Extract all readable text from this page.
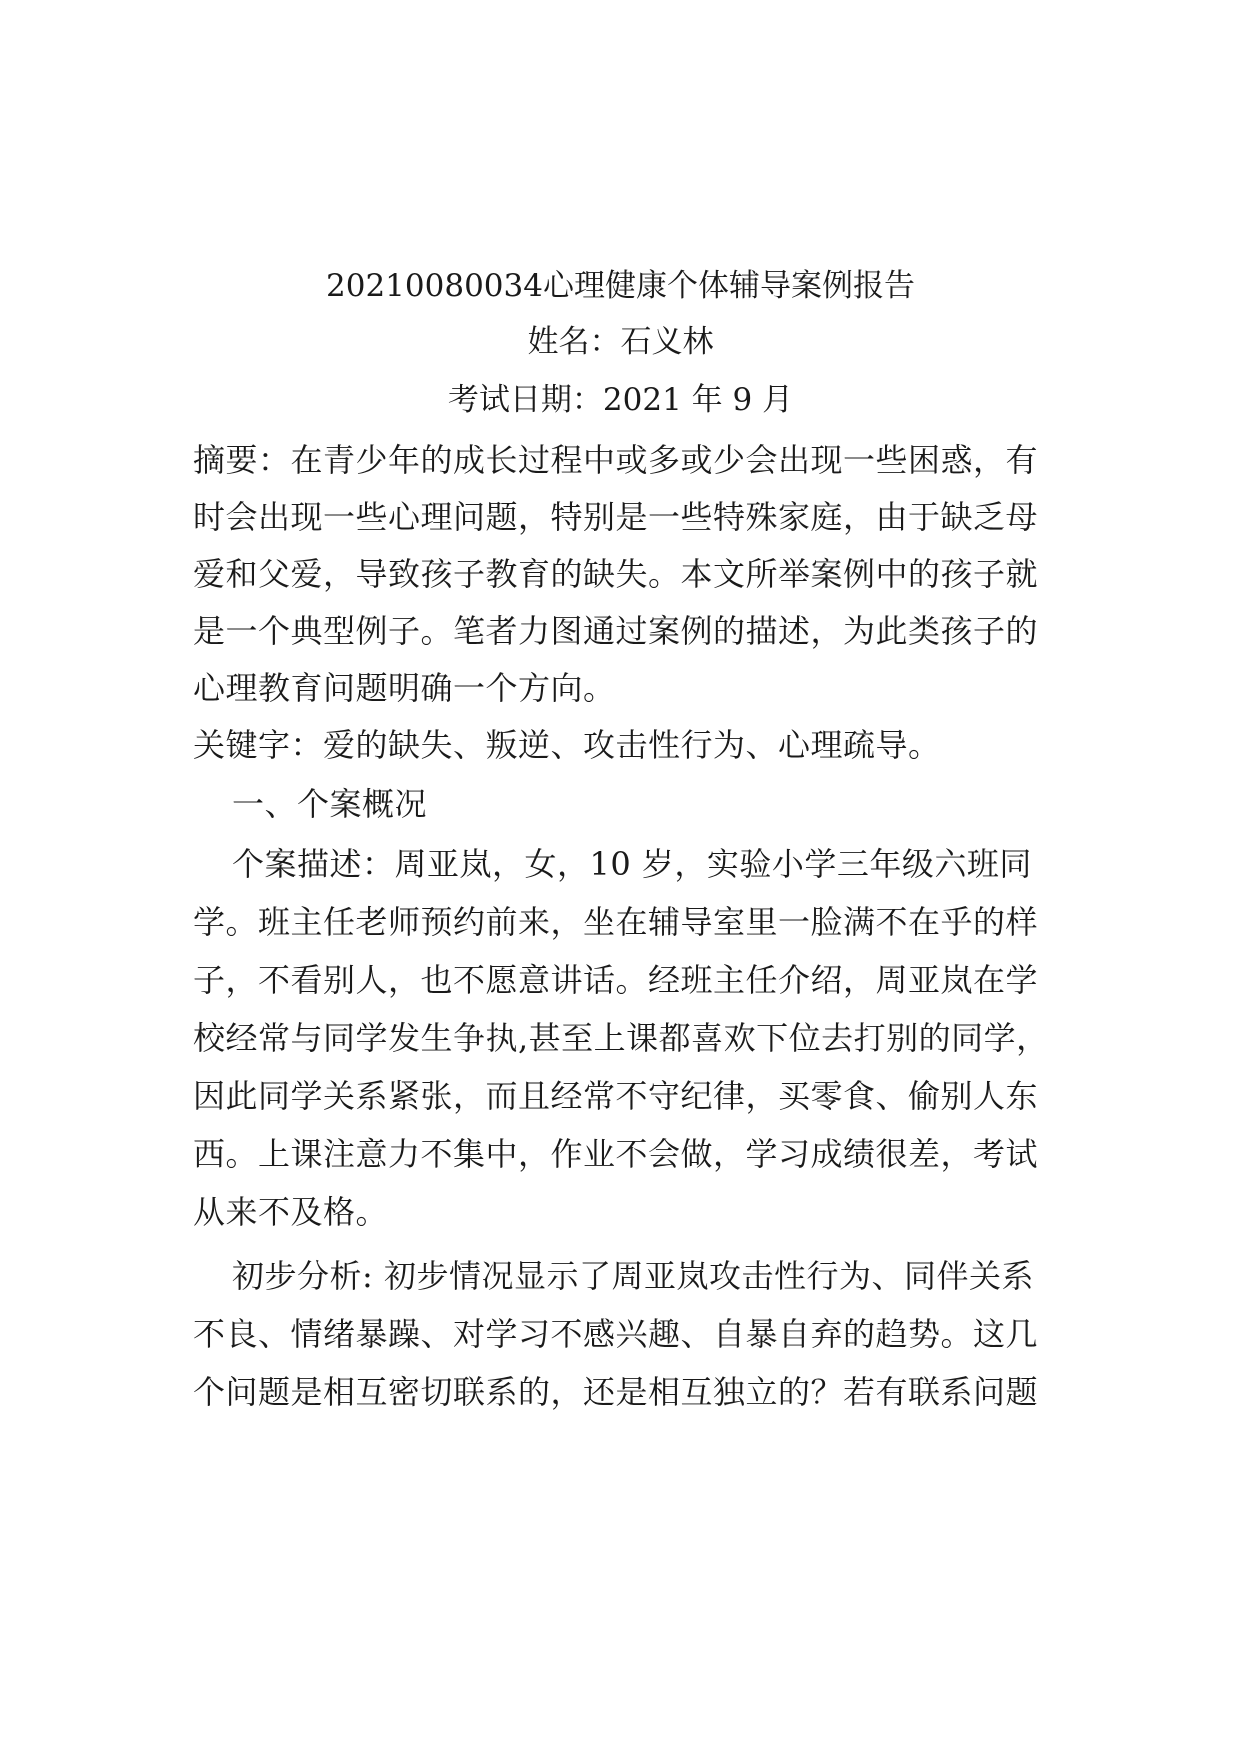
20210080034心理健康个体辅导案例报告
姓名：石义林
考试日期：2021 年 9 月
摘要：在青少年的成长过程中或多或少会出现一些困惑，有
时会出现一些心理问题，特别是一些特殊家庭，由于缺乏母
爱和父爱，导致孩子教育的缺失。本文所举案例中的孩子就
是一个典型例子。笔者力图通过案例的描述，为此类孩子的
心理教育问题明确一个方向。
关键字：爱的缺失、叛逆、攻击性行为、心理疏导。
一、个案概况
个案描述：周亚岚，女，10 岁，实验小学三年级六班同
学。班主任老师预约前来，坐在辅导室里一脸满不在乎的样
子，不看别人，也不愿意讲话。经班主任介绍，周亚岚在学
校经常与同学发生争执,甚至上课都喜欢下位去打别的同学，
因此同学关系紧张，而且经常不守纪律，买零食、偷别人东
西。上课注意力不集中，作业不会做，学习成绩很差，考试
从来不及格。
初步分析: 初步情况显示了周亚岚攻击性行为、同伴关系
不良、情绪暴躁、对学习不感兴趣、自暴自弃的趋势。这几
个问题是相互密切联系的，还是相互独立的？若有联系问题
